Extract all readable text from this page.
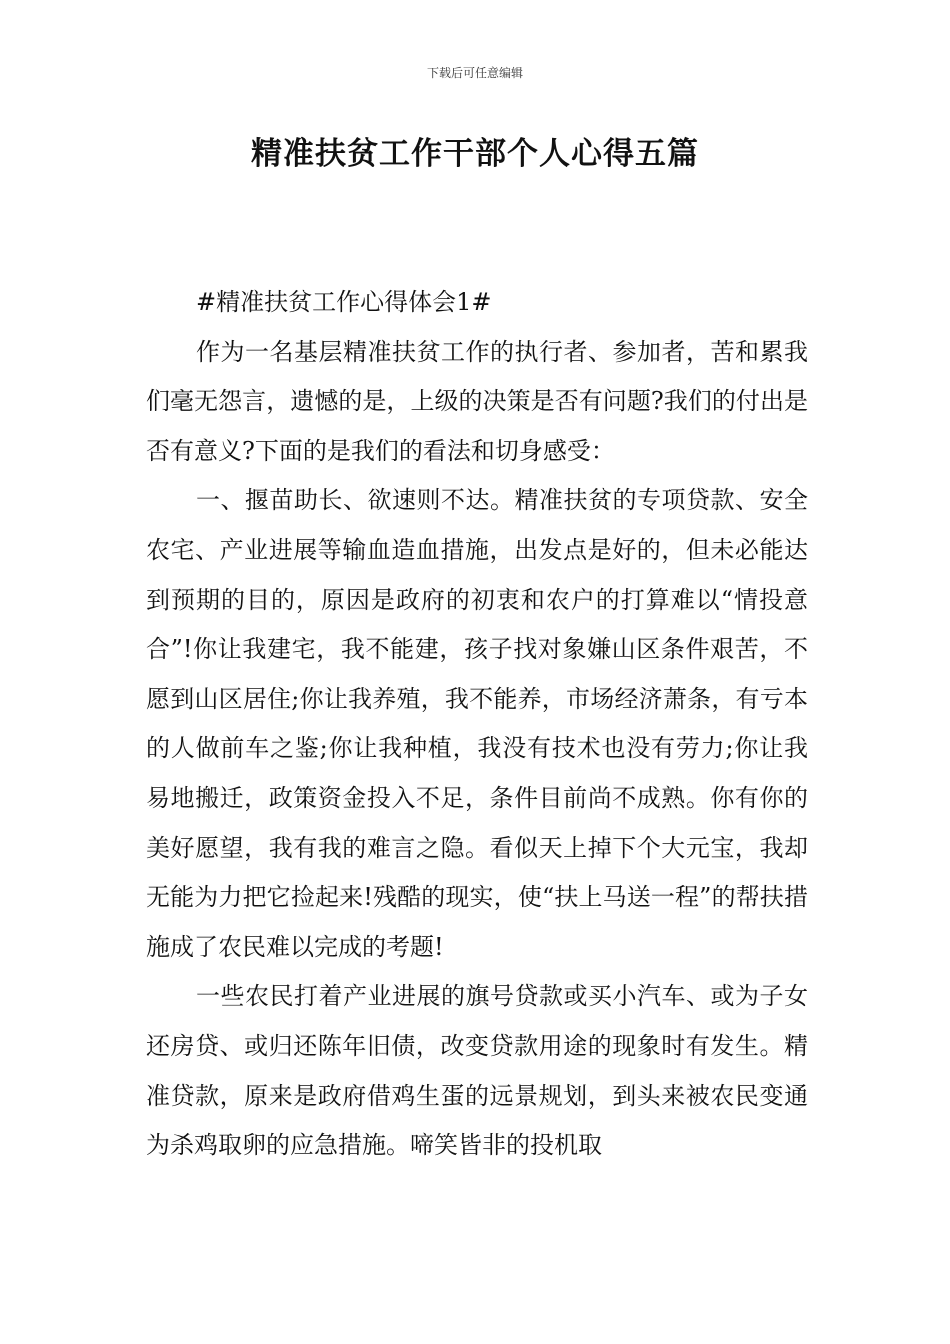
下载后可任意编辑
精准扶贫工作干部个人心得五篇

#精准扶贫工作心得体会1#

作为一名基层精准扶贫工作的执行者、参加者，苦和累我们毫无怨言，遗憾的是，上级的决策是否有问题?我们的付出是否有意义?下面的是我们的看法和切身感受：

一、揠苗助长、欲速则不达。精准扶贫的专项贷款、安全农宅、产业进展等输血造血措施，出发点是好的，但未必能达到预期的目的，原因是政府的初衷和农户的打算难以“情投意合”!你让我建宅，我不能建，孩子找对象嫌山区条件艰苦，不愿到山区居住;你让我养殖，我不能养，市场经济萧条，有亏本的人做前车之鉴;你让我种植，我没有技术也没有劳力;你让我易地搬迁，政策资金投入不足，条件目前尚不成熟。你有你的美好愿望，我有我的难言之隐。看似天上掉下个大元宝，我却无能为力把它捡起来!残酷的现实，使“扶上马送一程”的帮扶措施成了农民难以完成的考题!

一些农民打着产业进展的旗号贷款或买小汽车、或为子女还房贷、或归还陈年旧债，改变贷款用途的现象时有发生。精准贷款，原来是政府借鸡生蛋的远景规划，到头来被农民变通为杀鸡取卵的应急措施。啼笑皆非的投机取
